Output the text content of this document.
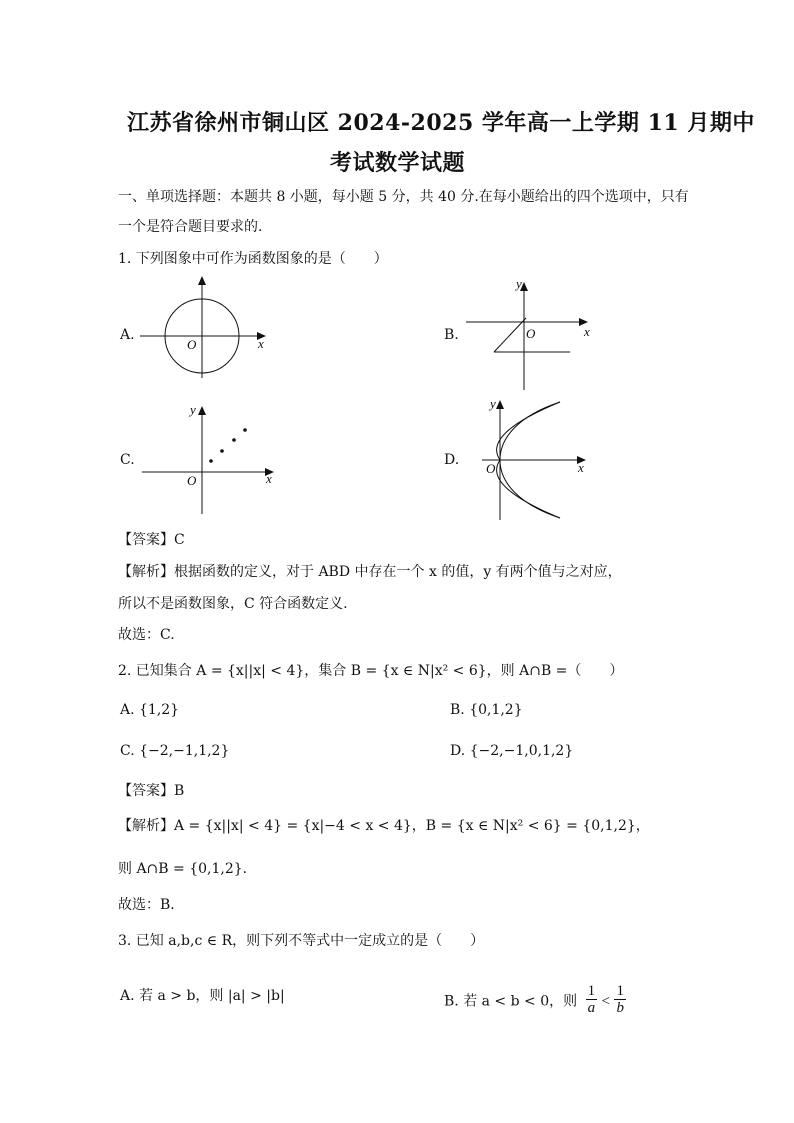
江苏省徐州市铜山区 2024-2025 学年高一上学期 11 月期中
考试数学试题
一、单项选择题：本题共 8 小题，每小题 5 分，共 40 分.在每小题给出的四个选项中，只有
一个是符合题目要求的.
1. 下列图象中可作为函数图象的是（　　）
A.
O	x
B.	O	x
y
C.
O	x
y
D.
O	x
y
【答案】C
【解析】根据函数的定义，对于 ABD 中存在一个 x 的值，y 有两个值与之对应，
所以不是函数图象，C 符合函数定义.
故选：C.
2. 已知集合 A = {x||x| < 4}，集合 B = {x ∈ N|x² < 6}，则 A∩B =（　　）
A. {1,2}	B. {0,1,2}
C. {−2,−1,1,2}	D. {−2,−1,0,1,2}
【答案】B
【解析】A = {x||x| < 4} = {x|−4 < x < 4}，B = {x ∈ N|x² < 6} = {0,1,2}，
则 A∩B = {0,1,2}.
故选：B.
3. 已知 a,b,c ∈ R，则下列不等式中一定成立的是（　　）
A. 若 a > b，则 |a| > |b|	B. 若 a < b < 0，则 $\frac{1}{a} < \frac{1}{b}$
